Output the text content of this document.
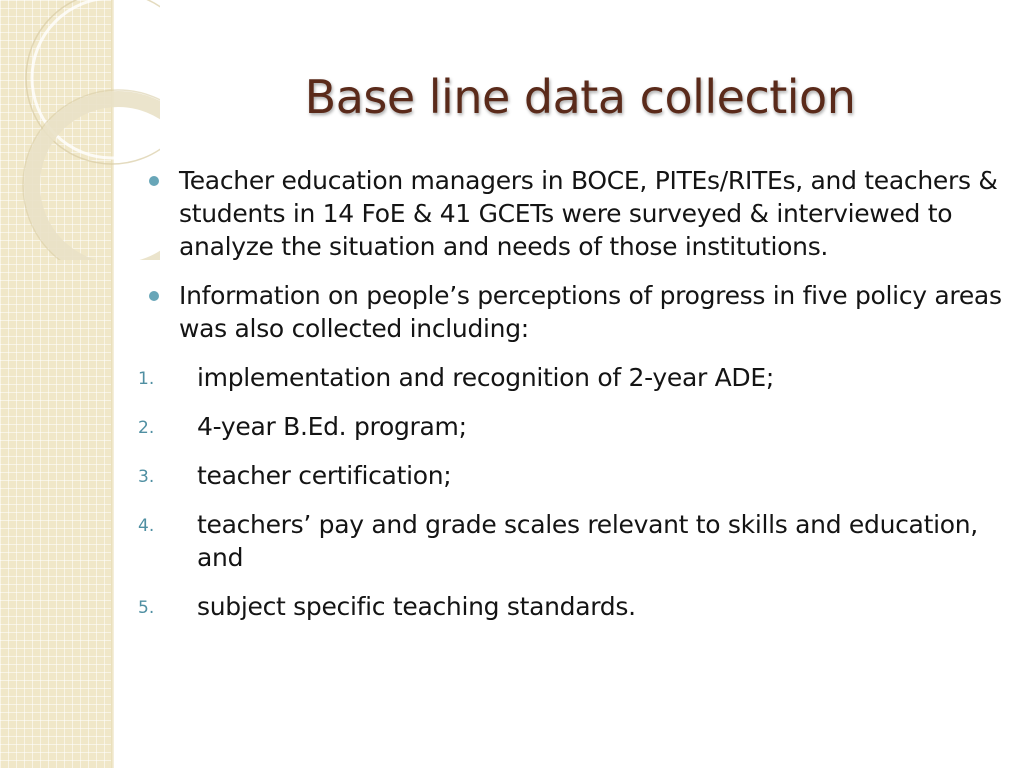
Base line data collection
Teacher education managers in BOCE, PITEs/RITEs, and teachers & students in 14 FoE & 41 GCETs were surveyed & interviewed to analyze the situation and needs of those institutions.
Information on people’s perceptions of progress in five policy areas was also collected including:
1. implementation and recognition of 2-year ADE;
2. 4-year B.Ed. program;
3. teacher certification;
4. teachers’ pay and grade scales relevant to skills and education, and
5. subject specific teaching standards.
